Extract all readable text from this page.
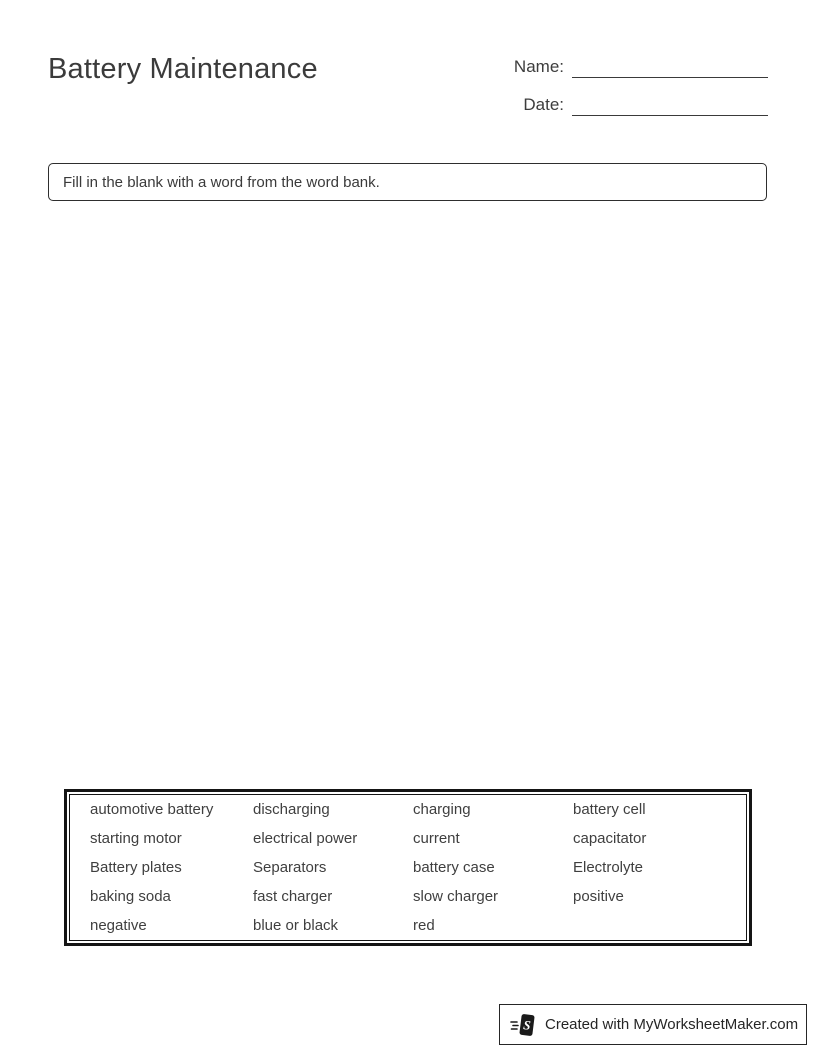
Battery Maintenance	Name:
Date:
Fill in the blank with a word from the word bank.
automotive battery
starting motor
Battery plates
baking soda
negative
discharging
electrical power
Separators
fast charger
blue or black
charging
current
battery case
slow charger
red
battery cell
capacitator
Electrolyte
positive
S Created with MyWorksheetMaker.com
